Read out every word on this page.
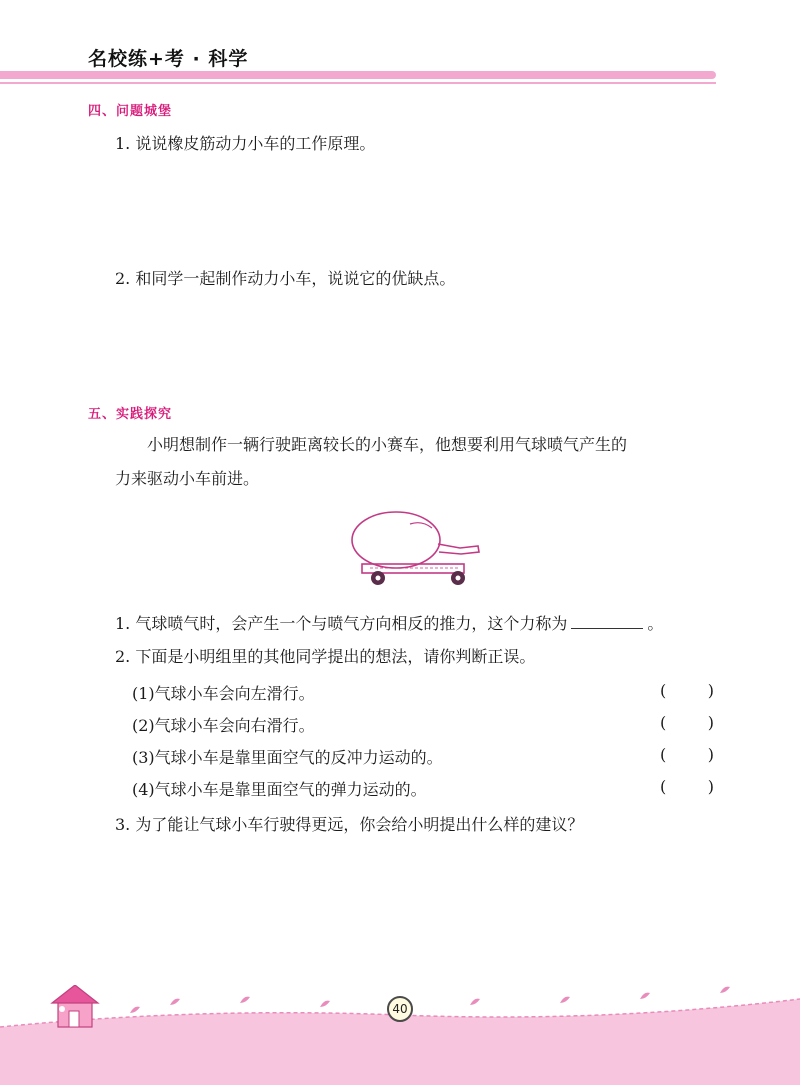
名校练+考 · 科学
四、问题城堡
1. 说说橡皮筋动力小车的工作原理。
2. 和同学一起制作动力小车，说说它的优缺点。
五、实践探究
小明想制作一辆行驶距离较长的小赛车，他想要利用气球喷气产生的
力来驱动小车前进。
1. 气球喷气时，会产生一个与喷气方向相反的推力，这个力称为	。
2. 下面是小明组里的其他同学提出的想法，请你判断正误。
(1)气球小车会向左滑行。	(	)
(2)气球小车会向右滑行。	(	)
(3)气球小车是靠里面空气的反冲力运动的。	(	)
(4)气球小车是靠里面空气的弹力运动的。	(	)
3. 为了能让气球小车行驶得更远，你会给小明提出什么样的建议？
40
